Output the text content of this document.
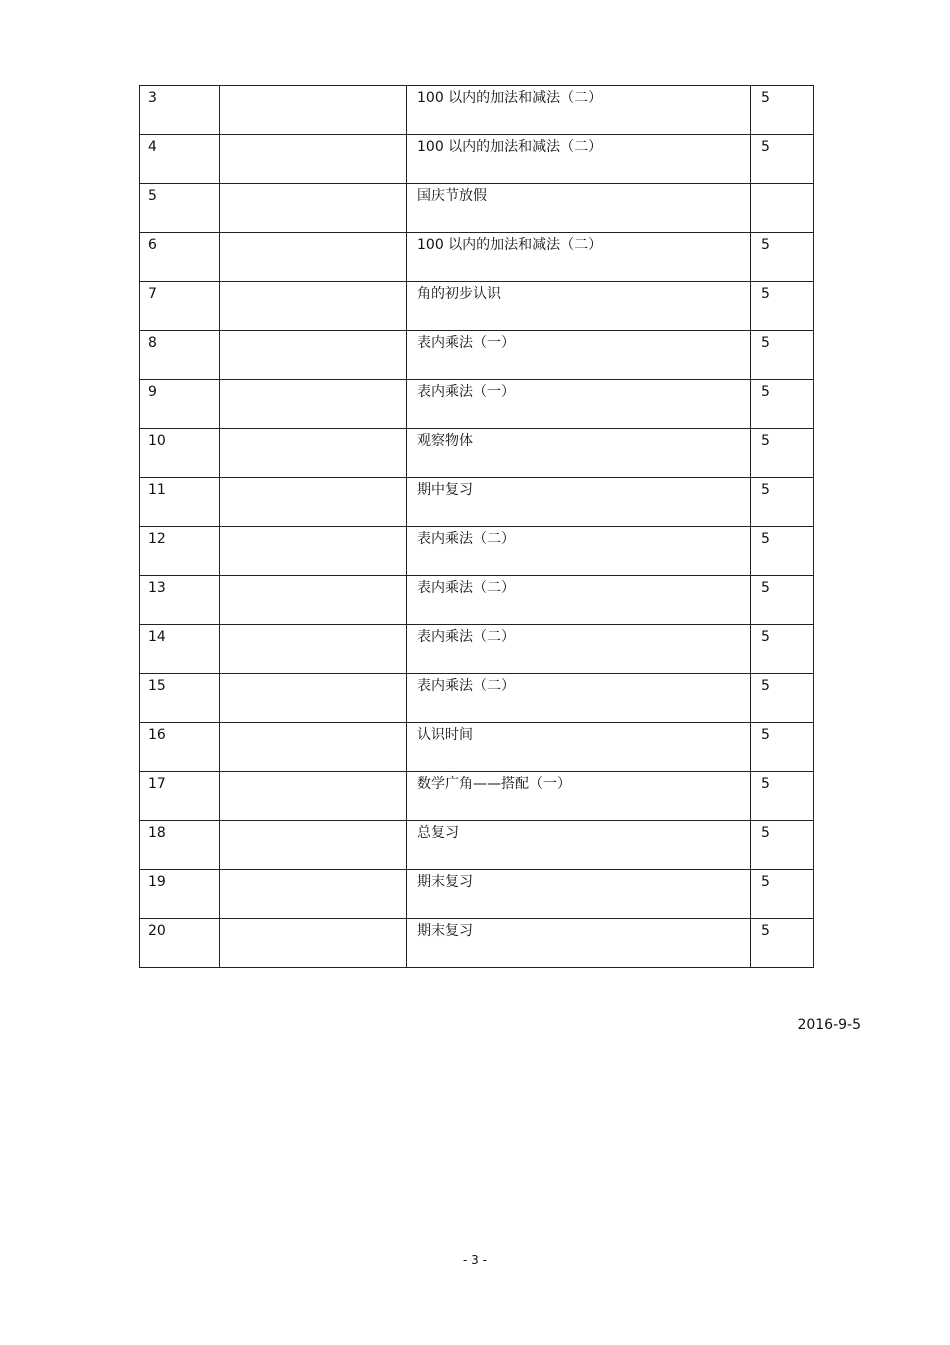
3		100 以内的加法和减法（二）	5
4		100 以内的加法和减法（二）	5
5		国庆节放假	
6		100 以内的加法和减法（二）	5
7		角的初步认识	5
8		表内乘法（一）	5
9		表内乘法（一）	5
10		观察物体	5
11		期中复习	5
12		表内乘法（二）	5
13		表内乘法（二）	5
14		表内乘法（二）	5
15		表内乘法（二）	5
16		认识时间	5
17		数学广角——搭配（一）	5
18		总复习	5
19		期末复习	5
20		期末复习	5
2016-9-5
- 3 -
